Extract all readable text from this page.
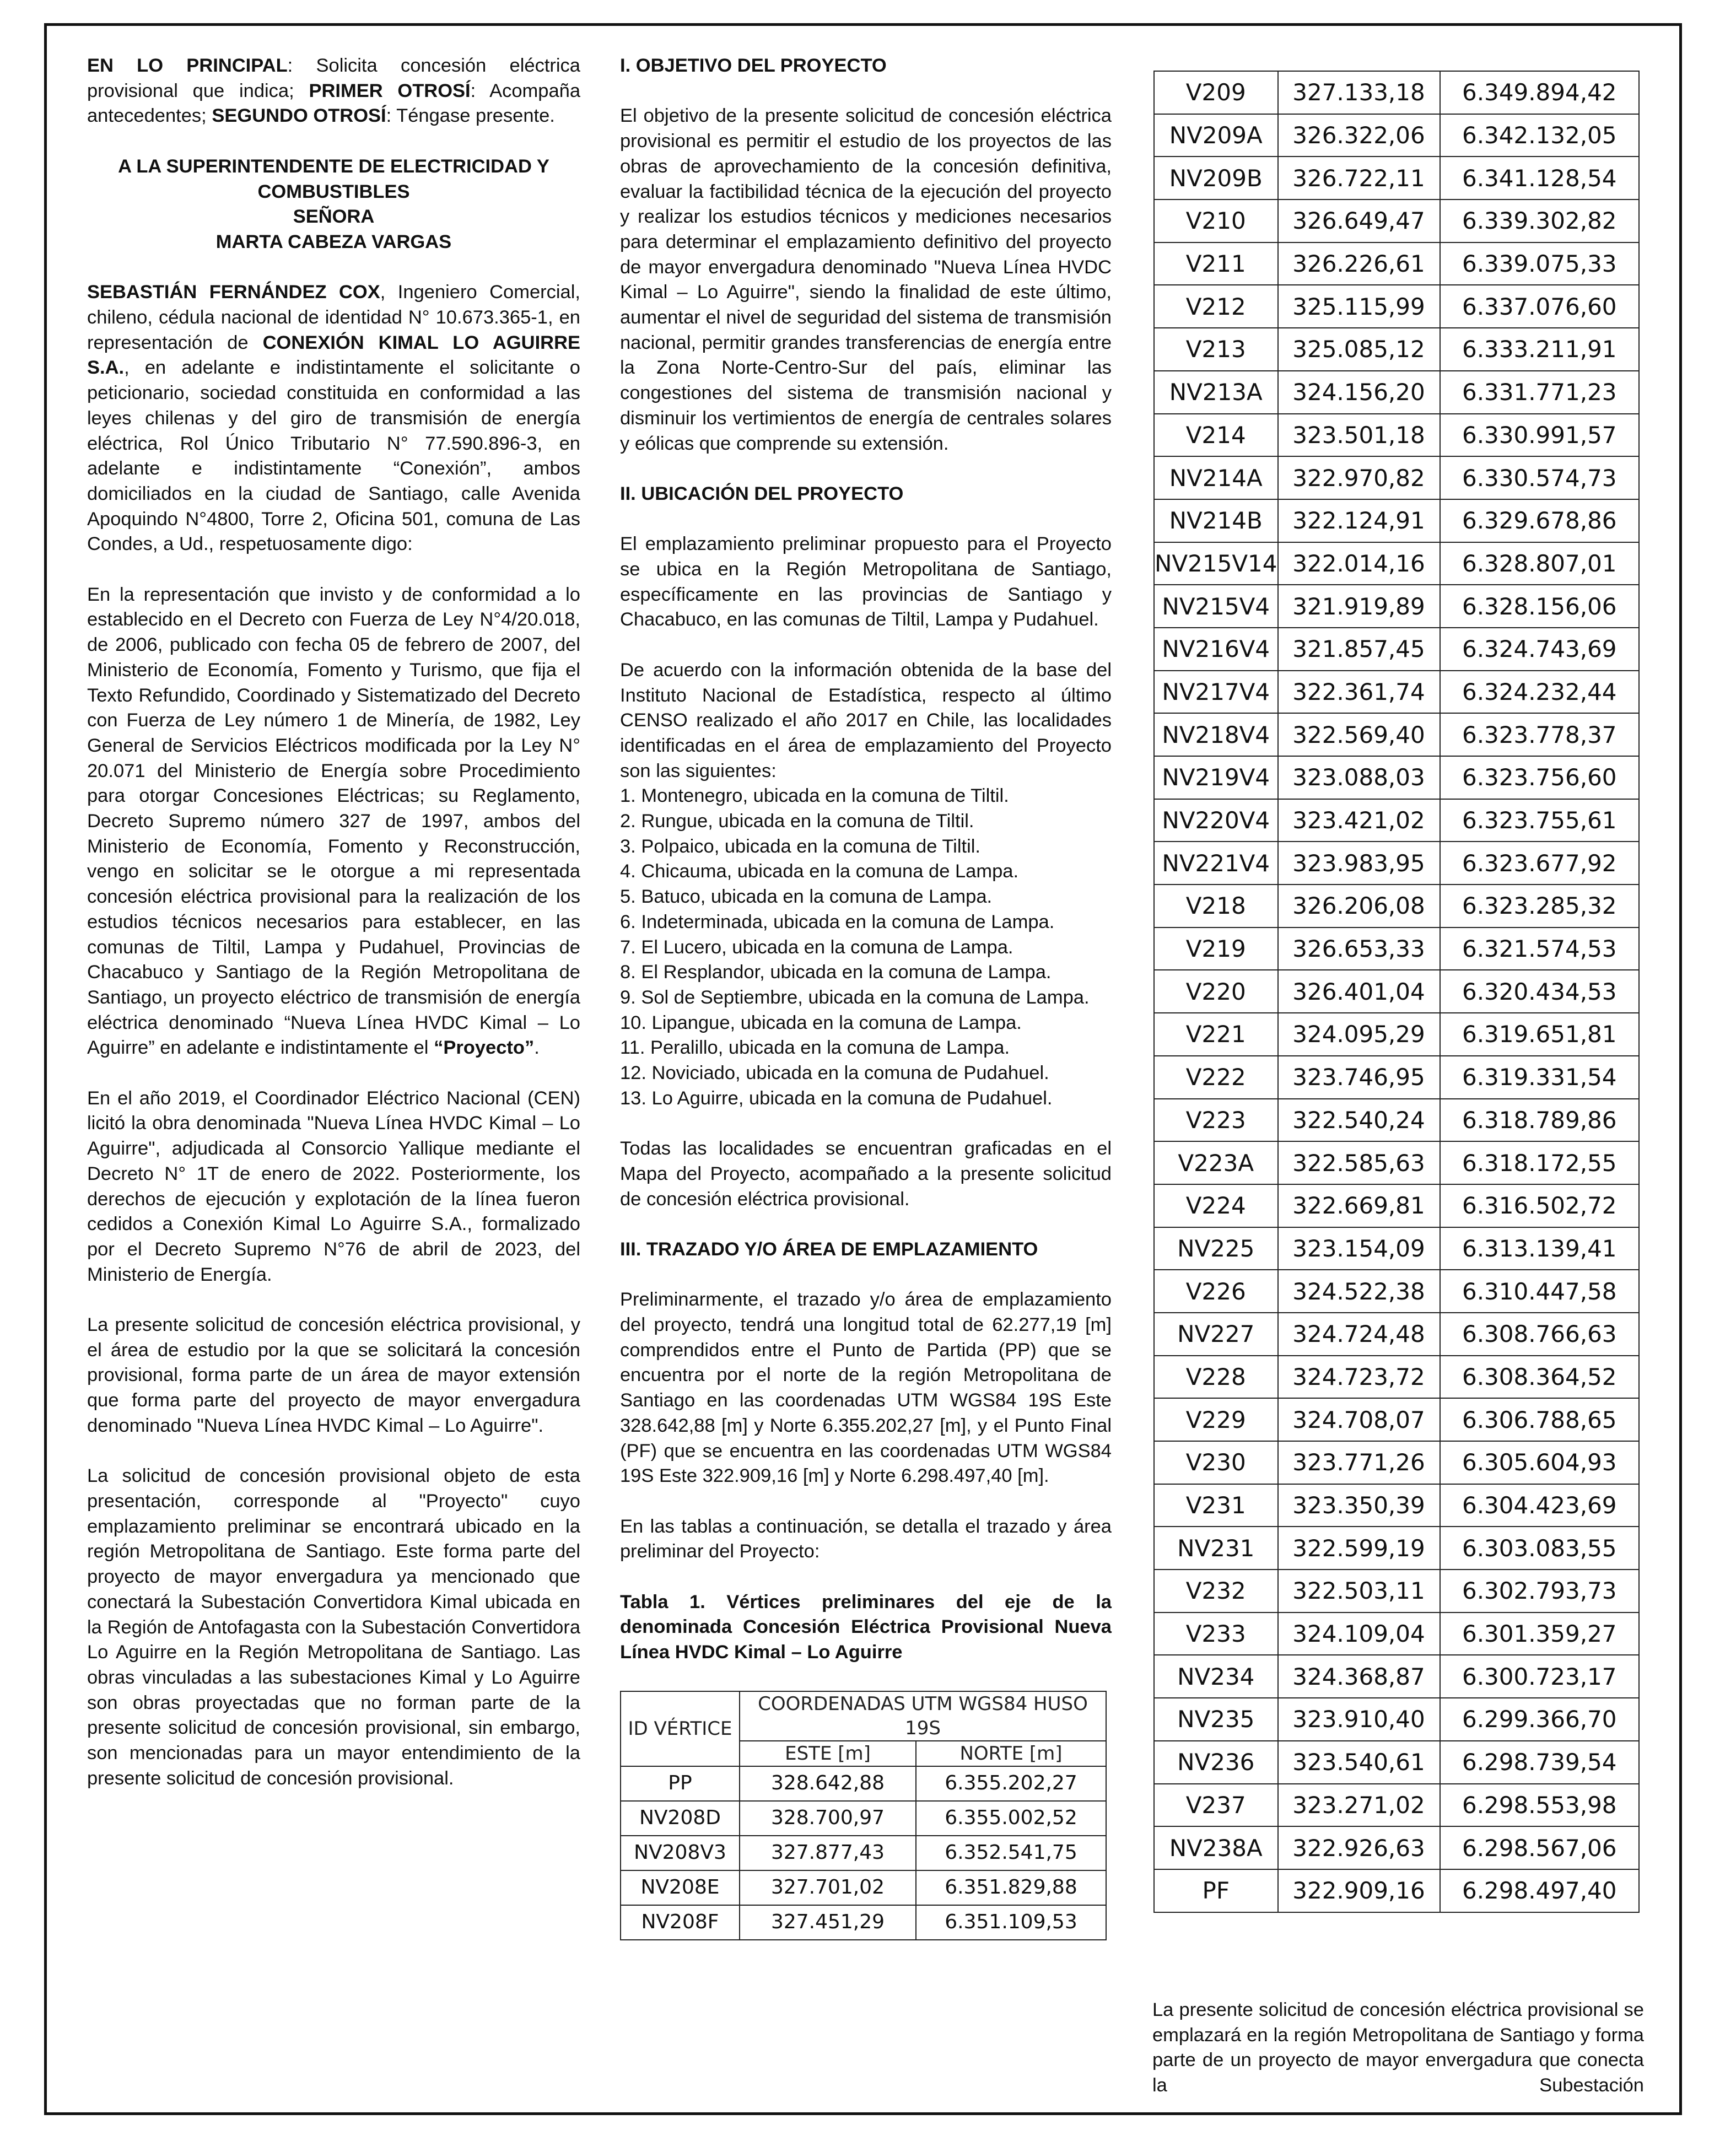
EN LO PRINCIPAL: Solicita concesión eléctrica provisional que indica; PRIMER OTROSÍ: Acompaña antecedentes; SEGUNDO OTROSÍ: Téngase presente.

A LA SUPERINTENDENTE DE ELECTRICIDAD Y COMBUSTIBLES
SEÑORA
MARTA CABEZA VARGAS

SEBASTIÁN FERNÁNDEZ COX, Ingeniero Comercial, chileno, cédula nacional de identidad N° 10.673.365-1, en representación de CONEXIÓN KIMAL LO AGUIRRE S.A., en adelante e indistintamente el solicitante o peticionario, sociedad constituida en conformidad a las leyes chilenas y del giro de transmisión de energía eléctrica, Rol Único Tributario N° 77.590.896-3, en adelante e indistintamente “Conexión”, ambos domiciliados en la ciudad de Santiago, calle Avenida Apoquindo N°4800, Torre 2, Oficina 501, comuna de Las Condes, a Ud., respetuosamente digo:

En la representación que invisto y de conformidad a lo establecido en el Decreto con Fuerza de Ley N°4/20.018, de 2006, publicado con fecha 05 de febrero de 2007, del Ministerio de Economía, Fomento y Turismo, que fija el Texto Refundido, Coordinado y Sistematizado del Decreto con Fuerza de Ley número 1 de Minería, de 1982, Ley General de Servicios Eléctricos modificada por la Ley N° 20.071 del Ministerio de Energía sobre Procedimiento para otorgar Concesiones Eléctricas; su Reglamento, Decreto Supremo número 327 de 1997, ambos del Ministerio de Economía, Fomento y Reconstrucción, vengo en solicitar se le otorgue a mi representada concesión eléctrica provisional para la realización de los estudios técnicos necesarios para establecer, en las comunas de Tiltil, Lampa y Pudahuel, Provincias de Chacabuco y Santiago de la Región Metropolitana de Santiago, un proyecto eléctrico de transmisión de energía eléctrica denominado “Nueva Línea HVDC Kimal – Lo Aguirre” en adelante e indistintamente el “Proyecto”.

En el año 2019, el Coordinador Eléctrico Nacional (CEN) licitó la obra denominada "Nueva Línea HVDC Kimal – Lo Aguirre", adjudicada al Consorcio Yallique mediante el Decreto N° 1T de enero de 2022. Posteriormente, los derechos de ejecución y explotación de la línea fueron cedidos a Conexión Kimal Lo Aguirre S.A., formalizado por el Decreto Supremo N°76 de abril de 2023, del Ministerio de Energía.

La presente solicitud de concesión eléctrica provisional, y el área de estudio por la que se solicitará la concesión provisional, forma parte de un área de mayor extensión que forma parte del proyecto de mayor envergadura denominado "Nueva Línea HVDC Kimal – Lo Aguirre".

La solicitud de concesión provisional objeto de esta presentación, corresponde al "Proyecto" cuyo emplazamiento preliminar se encontrará ubicado en la región Metropolitana de Santiago. Este forma parte del proyecto de mayor envergadura ya mencionado que conectará la Subestación Convertidora Kimal ubicada en la Región de Antofagasta con la Subestación Convertidora Lo Aguirre en la Región Metropolitana de Santiago. Las obras vinculadas a las subestaciones Kimal y Lo Aguirre son obras proyectadas que no forman parte de la presente solicitud de concesión provisional, sin embargo, son mencionadas para un mayor entendimiento de la presente solicitud de concesión provisional.

I. OBJETIVO DEL PROYECTO

El objetivo de la presente solicitud de concesión eléctrica provisional es permitir el estudio de los proyectos de las obras de aprovechamiento de la concesión definitiva, evaluar la factibilidad técnica de la ejecución del proyecto y realizar los estudios técnicos y mediciones necesarios para determinar el emplazamiento definitivo del proyecto de mayor envergadura denominado "Nueva Línea HVDC Kimal – Lo Aguirre", siendo la finalidad de este último, aumentar el nivel de seguridad del sistema de transmisión nacional, permitir grandes transferencias de energía entre la Zona Norte-Centro-Sur del país, eliminar las congestiones del sistema de transmisión nacional y disminuir los vertimientos de energía de centrales solares y eólicas que comprende su extensión.

II. UBICACIÓN DEL PROYECTO

El emplazamiento preliminar propuesto para el Proyecto se ubica en la Región Metropolitana de Santiago, específicamente en las provincias de Santiago y Chacabuco, en las comunas de Tiltil, Lampa y Pudahuel.

De acuerdo con la información obtenida de la base del Instituto Nacional de Estadística, respecto al último CENSO realizado el año 2017 en Chile, las localidades identificadas en el área de emplazamiento del Proyecto son las siguientes:

1. Montenegro, ubicada en la comuna de Tiltil.
2. Rungue, ubicada en la comuna de Tiltil.
3. Polpaico, ubicada en la comuna de Tiltil.
4. Chicauma, ubicada en la comuna de Lampa.
5. Batuco, ubicada en la comuna de Lampa.
6. Indeterminada, ubicada en la comuna de Lampa.
7. El Lucero, ubicada en la comuna de Lampa.
8. El Resplandor, ubicada en la comuna de Lampa.
9. Sol de Septiembre, ubicada en la comuna de Lampa.
10. Lipangue, ubicada en la comuna de Lampa.
11. Peralillo, ubicada en la comuna de Lampa.
12. Noviciado, ubicada en la comuna de Pudahuel.
13. Lo Aguirre, ubicada en la comuna de Pudahuel.

Todas las localidades se encuentran graficadas en el Mapa del Proyecto, acompañado a la presente solicitud de concesión eléctrica provisional.

III. TRAZADO Y/O ÁREA DE EMPLAZAMIENTO

Preliminarmente, el trazado y/o área de emplazamiento del proyecto, tendrá una longitud total de 62.277,19 [m] comprendidos entre el Punto de Partida (PP) que se encuentra por el norte de la región Metropolitana de Santiago en las coordenadas UTM WGS84 19S Este 328.642,88 [m] y Norte 6.355.202,27 [m], y el Punto Final (PF) que se encuentra en las coordenadas UTM WGS84 19S Este 322.909,16 [m] y Norte 6.298.497,40 [m].

En las tablas a continuación, se detalla el trazado y área preliminar del Proyecto:

Tabla 1. Vértices preliminares del eje de la denominada Concesión Eléctrica Provisional Nueva Línea HVDC Kimal – Lo Aguirre
ID VÉRTICE	COORDENADAS UTM WGS84 HUSO 19S	
	ESTE [m]	NORTE [m]
PP	328.642,88	6.355.202,27
NV208D	328.700,97	6.355.002,52
NV208V3	327.877,43	6.352.541,75
NV208E	327.701,02	6.351.829,88
NV208F	327.451,29	6.351.109,53

La presente solicitud de concesión eléctrica provisional se emplazará en la región Metropolitana de Santiago y forma parte de un proyecto de mayor envergadura que conecta la Subestación

V209	327.133,18	6.349.894,42
NV209A	326.322,06	6.342.132,05
NV209B	326.722,11	6.341.128,54
V210	326.649,47	6.339.302,82
V211	326.226,61	6.339.075,33
V212	325.115,99	6.337.076,60
V213	325.085,12	6.333.211,91
NV213A	324.156,20	6.331.771,23
V214	323.501,18	6.330.991,57
NV214A	322.970,82	6.330.574,73
NV214B	322.124,91	6.329.678,86
NV215V14	322.014,16	6.328.807,01
NV215V4	321.919,89	6.328.156,06
NV216V4	321.857,45	6.324.743,69
NV217V4	322.361,74	6.324.232,44
NV218V4	322.569,40	6.323.778,37
NV219V4	323.088,03	6.323.756,60
NV220V4	323.421,02	6.323.755,61
NV221V4	323.983,95	6.323.677,92
V218	326.206,08	6.323.285,32
V219	326.653,33	6.321.574,53
V220	326.401,04	6.320.434,53
V221	324.095,29	6.319.651,81
V222	323.746,95	6.319.331,54
V223	322.540,24	6.318.789,86
V223A	322.585,63	6.318.172,55
V224	322.669,81	6.316.502,72
NV225	323.154,09	6.313.139,41
V226	324.522,38	6.310.447,58
NV227	324.724,48	6.308.766,63
V228	324.723,72	6.308.364,52
V229	324.708,07	6.306.788,65
V230	323.771,26	6.305.604,93
V231	323.350,39	6.304.423,69
NV231	322.599,19	6.303.083,55
V232	322.503,11	6.302.793,73
V233	324.109,04	6.301.359,27
NV234	324.368,87	6.300.723,17
NV235	323.910,40	6.299.366,70
NV236	323.540,61	6.298.739,54
V237	323.271,02	6.298.553,98
NV238A	322.926,63	6.298.567,06
PF	322.909,16	6.298.497,40
